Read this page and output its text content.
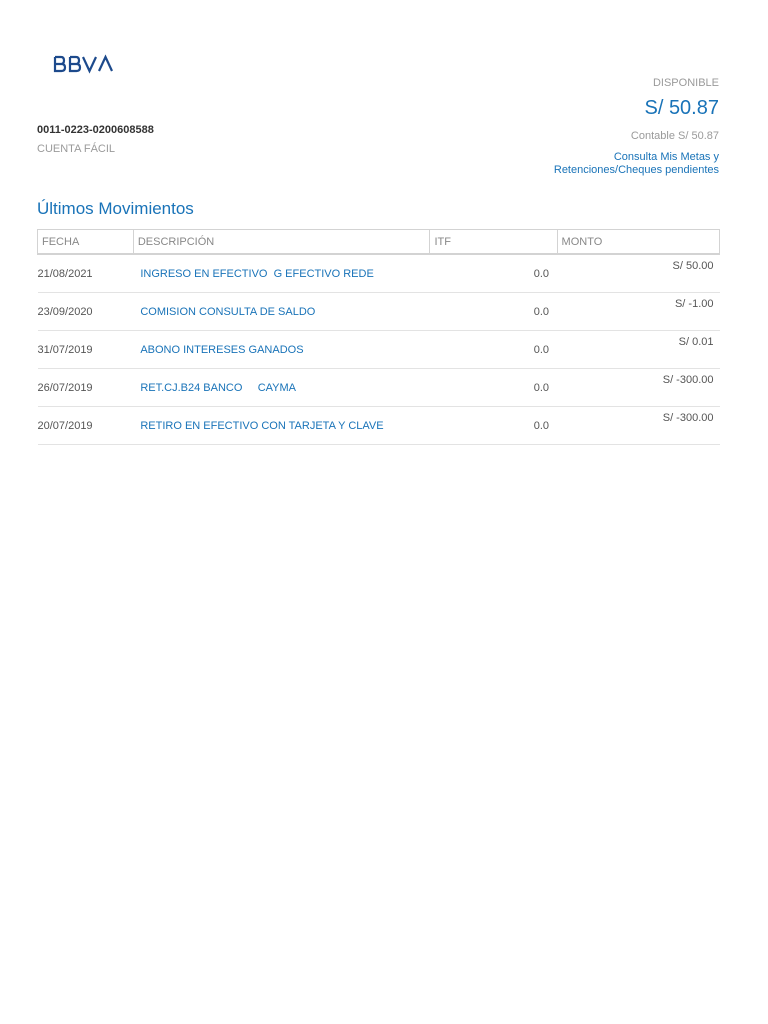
0011-0223-0200608588
CUENTA FÁCIL
DISPONIBLE
S/ 50.87
Contable S/ 50.87
Consulta Mis Metas y
Retenciones/Cheques pendientes
Últimos Movimientos
FECHA	DESCRIPCIÓN	ITF	MONTO
21/08/2021	INGRESO EN EFECTIVO  G EFECTIVO REDE	0.0	S/ 50.00
23/09/2020	COMISION CONSULTA DE SALDO	0.0	S/ -1.00
31/07/2019	ABONO INTERESES GANADOS	0.0	S/ 0.01
26/07/2019	RET.CJ.B24 BANCO     CAYMA	0.0	S/ -300.00
20/07/2019	RETIRO EN EFECTIVO CON TARJETA Y CLAVE	0.0	S/ -300.00
